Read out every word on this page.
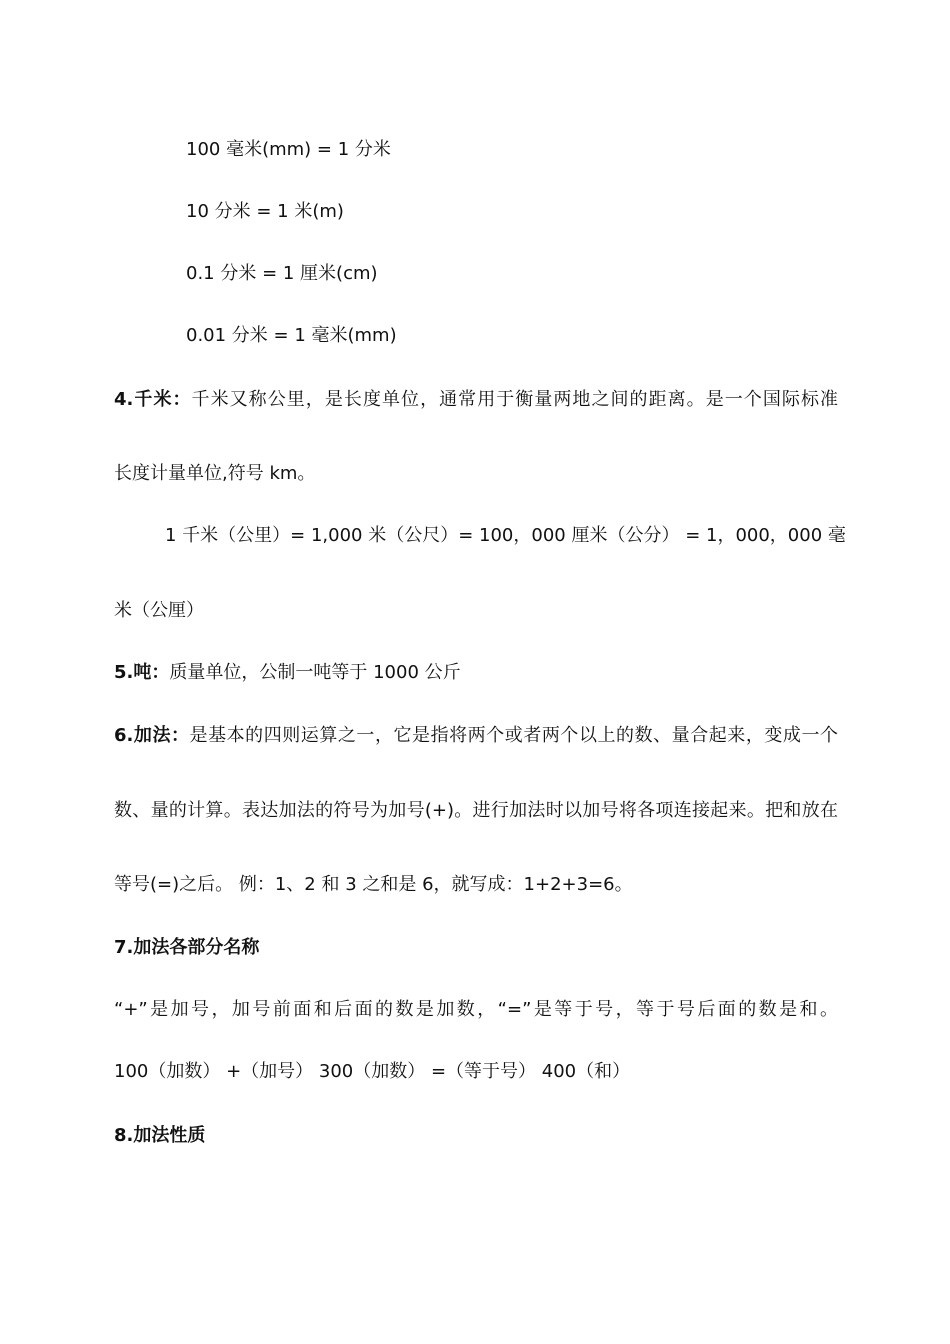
100 毫米(mm) = 1 分米
10 分米 = 1 米(m)
0.1 分米 = 1 厘米(cm)
0.01 分米 = 1 毫米(mm)
4.千米：千米又称公里，是长度单位，通常用于衡量两地之间的距离。是一个国际标准
长度计量单位,符号 km。
1 千米（公里）= 1,000 米（公尺）= 100，000 厘米（公分） = 1，000，000 毫
米（公厘）
5.吨：质量单位，公制一吨等于 1000 公斤
6.加法：是基本的四则运算之一，它是指将两个或者两个以上的数、量合起来，变成一个
数、量的计算。表达加法的符号为加号(+)。进行加法时以加号将各项连接起来。把和放在
等号(=)之后。 例：1、2 和 3 之和是 6，就写成：1+2+3=6。
7.加法各部分名称
“+”是加号，加号前面和后面的数是加数，“=”是等于号，等于号后面的数是和。
100（加数） +（加号） 300（加数） =（等于号） 400（和）
8.加法性质
